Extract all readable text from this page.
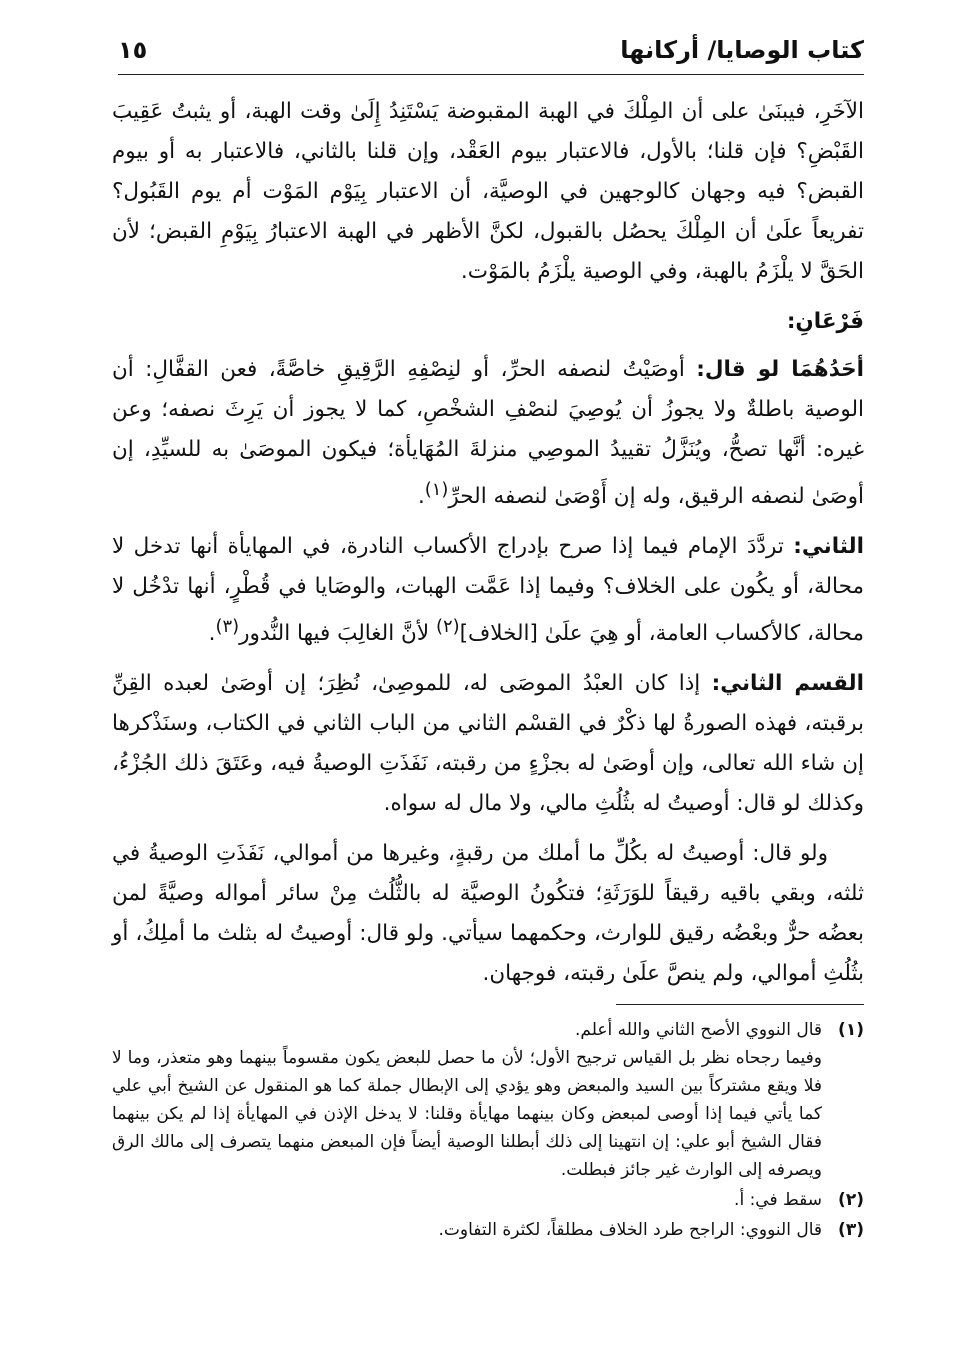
كتاب الوصايا/ أركانها
١٥

الآخَرِ، فيبنَىٰ على أن المِلْكَ في الهبة المقبوضة يَسْتَنِدُ إِلَىٰ وقت الهبة، أو يثبتُ عَقِيبَ القَبْضِ؟ فإن قلنا؛ بالأول، فالاعتبار بيوم العَقْد، وإن قلنا بالثاني، فالاعتبار به أو بيوم القبض؟ فيه وجهان كالوجهين في الوصيَّة، أن الاعتبار بِيَوْم المَوْت أم يوم القَبُول؟ تفريعاً علَىٰ أن المِلْكَ يحصُل بالقبول، لكنَّ الأظهر في الهبة الاعتبارُ بِيَوْمِ القبض؛ لأن الحَقَّ لا يلْزَمُ بالهبة، وفي الوصية يلْزَمُ بالمَوْت.

فَرْعَانِ:

أحَدُهُمَا لو قال: أوصَيْتُ لنصفه الحرِّ، أو لنِصْفِهِ الرَّقِيقِ خاصَّةً، فعن القفَّالِ: أن الوصية باطلةٌ ولا يجوزُ أن يُوصِيَ لنصْفِ الشخْصِ، كما لا يجوز أن يَرِثَ نصفه؛ وعن غيره: أنَّها تصحُّ، ويُنَزَّلُ تقييدُ الموصِي منزلةَ المُهَايأة؛ فيكون الموصَىٰ به للسيِّدِ، إن أوصَىٰ لنصفه الرقيق، وله إن أَوْصَىٰ لنصفه الحرِّ$^{(١)}$.

الثاني: تردَّدَ الإمام فيما إذا صرح بإدراج الأكساب النادرة، في المهايأة أنها تدخل لا محالة، أو يكُون على الخلاف؟ وفيما إذا عَمَّت الهبات، والوصَايا في قُطْرٍ، أنها تدْخُل لا محالة، كالأكساب العامة، أو هِيَ علَىٰ [الخلاف]$^{(٢)}$ لأنَّ الغالِبَ فيها النُّدور$^{(٣)}$.

القسم الثاني: إذا كان العبْدُ الموصَى له، للموصِىٰ، نُظِرَ؛ إن أوصَىٰ لعبده القِنِّ برقبته، فهذه الصورةُ لها ذكْرٌ في القسْم الثاني من الباب الثاني في الكتاب، وسنَذْكرها إن شاء الله تعالى، وإن أوصَىٰ له بجزْءٍ من رقبته، نَفَذَتِ الوصيةُ فيه، وعَتَقَ ذلك الجُزْءُ، وكذلك لو قال: أوصيتُ له بثُلُثِ مالي، ولا مال له سواه.

ولو قال: أوصيتُ له بكُلِّ ما أملك من رقبةٍ، وغيرها من أموالي، نَفَذَتِ الوصيةُ في ثلثه، وبقي باقيه رقيقاً للوَرَثَةِ؛ فتكُونُ الوصيَّة له بالثُّلُث مِنْ سائر أمواله وصيَّةً لمن بعضُه حرٌّ وبعْضُه رقيق للوارث، وحكمهما سيأتي. ولو قال: أوصيتُ له بثلث ما أملِكُ، أو بثُلُثِ أموالي، ولم ينصَّ علَىٰ رقبته، فوجهان.

(١)
قال النووي الأصح الثاني والله أعلم.
وفيما رجحاه نظر بل القياس ترجيح الأول؛ لأن ما حصل للبعض يكون مقسوماً بينهما وهو متعذر، وما لا فلا ويقع مشتركاً بين السيد والمبعض وهو يؤدي إلى الإبطال جملة كما هو المنقول عن الشيخ أبي علي كما يأتي فيما إذا أوصى لمبعض وكان بينهما مهايأة وقلنا: لا يدخل الإذن في المهايأة إذا لم يكن بينهما فقال الشيخ أبو علي: إن انتهينا إلى ذلك أبطلنا الوصية أيضاً فإن المبعض منهما يتصرف إلى مالك الرق ويصرفه إلى الوارث غير جائز فبطلت.
(٢)
سقط في: أ.
(٣)
قال النووي: الراجح طرد الخلاف مطلقاً، لكثرة التفاوت.
